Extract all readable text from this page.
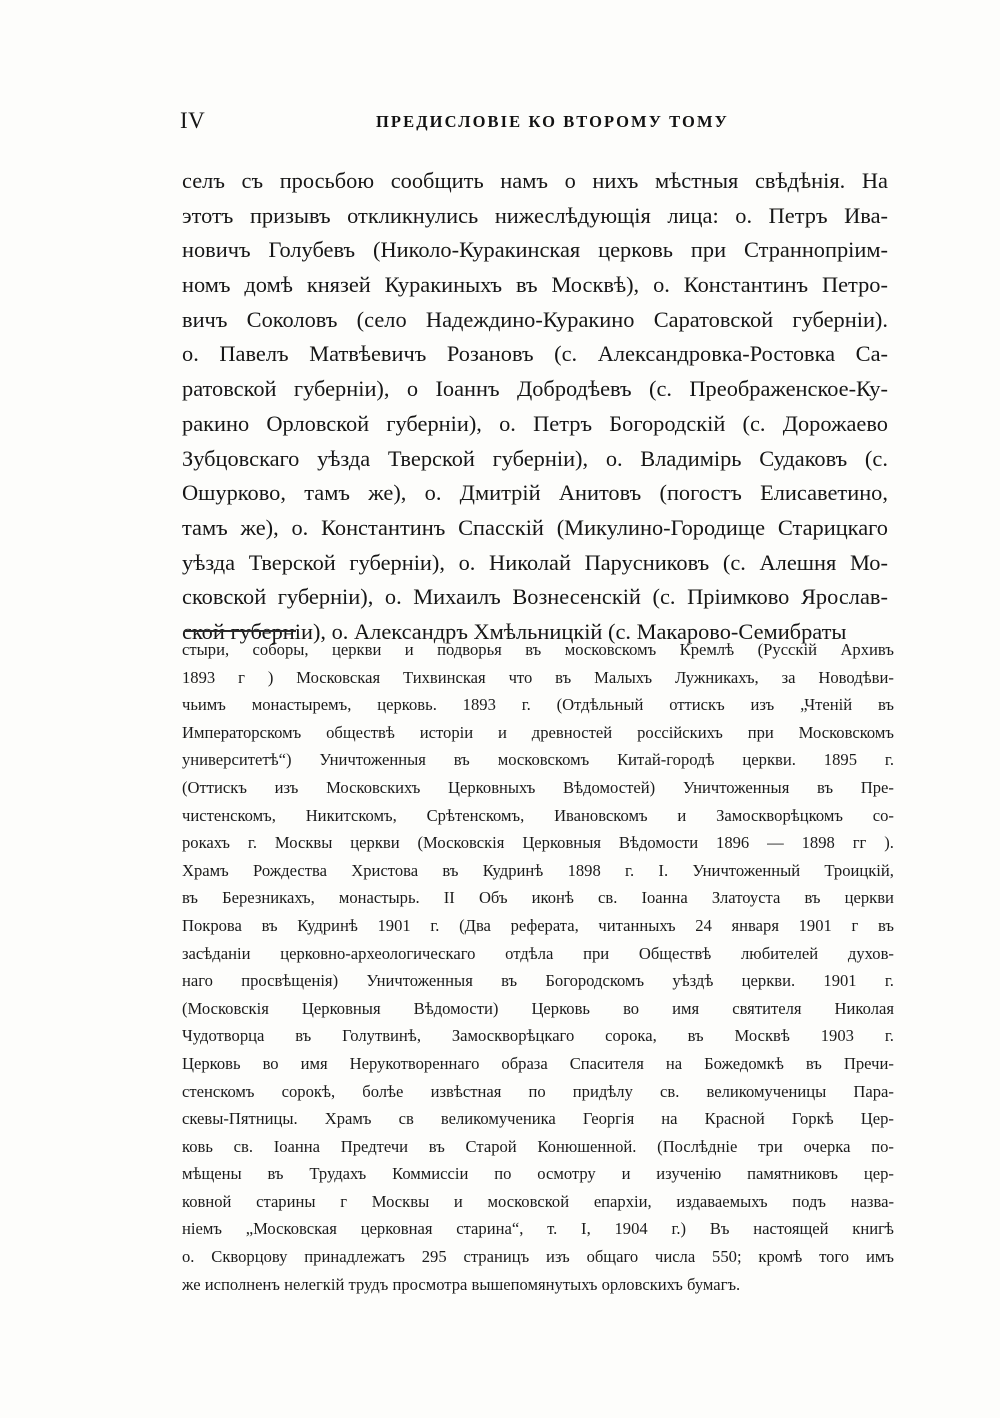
IV	ПРЕДИСЛОВІЕ КО ВТОРОМУ ТОМУ
селъ съ просьбою сообщить намъ о нихъ мѣстныя свѣдѣнія. На
этотъ призывъ откликнулись нижеслѣдующія лица: о. Петръ Ива-
новичъ Голубевъ (Николо-Куракинская церковь при Страннопріим-
номъ домѣ князей Куракиныхъ въ Москвѣ), о. Константинъ Петро-
вичъ Соколовъ (село Надеждино-Куракино Саратовской губерніи).
о. Павелъ Матвѣевичъ Розановъ (с. Александровка-Ростовка Са-
ратовской губерніи), о Іоаннъ Добродѣевъ (с. Преображенское-Ку-
ракино Орловской губерніи), о. Петръ Богородскій (с. Дорожаево
Зубцовскаго уѣзда Тверской губерніи), о. Владимірь Судаковъ (с.
Ошурково, тамъ же), о. Дмитрій Анитовъ (погостъ Елисаветино,
тамъ же), о. Константинъ Спасскій (Микулино-Городище Старицкаго
уѣзда Тверской губерніи), о. Николай Парусниковъ (с. Алешня Мо-
сковской губерніи), о. Михаилъ Вознесенскій (с. Пріимково Ярослав-
ской губерніи), о. Александръ Хмѣльницкій (с. Макарово-Семибраты
стыри, соборы, церкви и подворья въ московскомъ Кремлѣ (Русскій Архивъ
1893 г ) Московская Тихвинская что въ Малыхъ Лужникахъ, за Новодѣви-
чьимъ монастыремъ, церковь. 1893 г. (Отдѣльный оттискъ изъ „Чтеній въ
Императорскомъ обществѣ исторіи и древностей россійскихъ при Московскомъ
университетѣ“) Уничтоженныя въ московскомъ Китай-городѣ церкви. 1895 г.
(Оттискъ изъ Московскихъ Церковныхъ Вѣдомостей) Уничтоженныя въ Пре-
чистенскомъ, Никитскомъ, Срѣтенскомъ, Ивановскомъ и Замоскворѣцкомъ со-
рокахъ г. Москвы церкви (Московскія Церковныя Вѣдомости 1896 — 1898 гг ).
Храмъ Рождества Христова въ Кудринѣ 1898 г. I. Уничтоженный Троицкій,
въ Березникахъ, монастырь. II Объ иконѣ св. Іоанна Златоуста въ церкви
Покрова въ Кудринѣ 1901 г. (Два реферата, читанныхъ 24 января 1901 г въ
засѣданіи церковно-археологическаго отдѣла при Обществѣ любителей духов-
наго просвѣщенія) Уничтоженныя въ Богородскомъ уѣздѣ церкви. 1901 г.
(Московскія Церковныя Вѣдомости) Церковь во имя святителя Николая
Чудотворца въ Голутвинѣ, Замоскворѣцкаго сорока, въ Москвѣ 1903 г.
Церковь во имя Нерукотвореннаго образа Спасителя на Божедомкѣ въ Пречи-
стенскомъ сорокѣ, болѣе извѣстная по придѣлу св. великомученицы Пара-
скевы-Пятницы. Храмъ св великомученика Георгія на Красной Горкѣ Цер-
ковь св. Іоанна Предтечи въ Старой Конюшенной. (Послѣдніе три очерка по-
мѣщены въ Трудахъ Коммиссіи по осмотру и изученію памятниковъ цер-
ковной старины г Москвы и московской епархіи, издаваемыхъ подъ назва-
ніемъ „Московская церковная старина“, т. I, 1904 г.) Въ настоящей книгѣ
о. Скворцову принадлежатъ 295 страницъ изъ общаго числа 550; кромѣ того имъ
же исполненъ нелегкій трудъ просмотра вышепомянутыхъ орловскихъ бумагъ.
